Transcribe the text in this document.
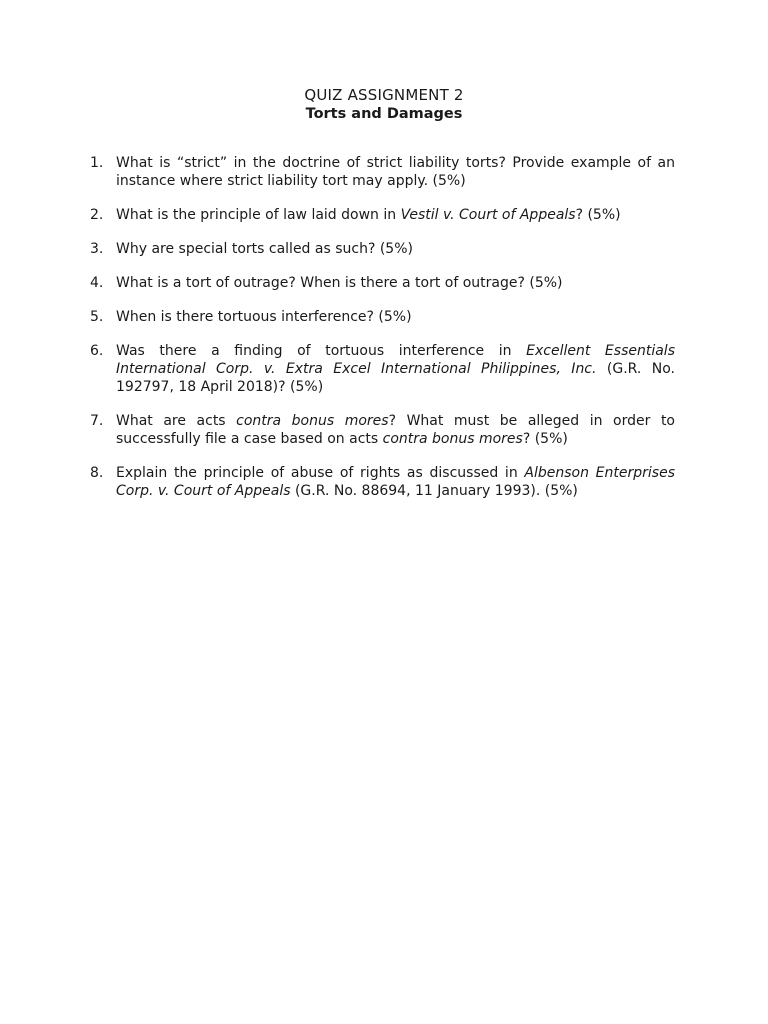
QUIZ ASSIGNMENT 2
Torts and Damages
1. What is “strict” in the doctrine of strict liability torts? Provide example of an instance where strict liability tort may apply. (5%)
2. What is the principle of law laid down in Vestil v. Court of Appeals? (5%)
3. Why are special torts called as such? (5%)
4. What is a tort of outrage? When is there a tort of outrage? (5%)
5. When is there tortuous interference? (5%)
6. Was there a finding of tortuous interference in Excellent Essentials International Corp. v. Extra Excel International Philippines, Inc. (G.R. No. 192797, 18 April 2018)? (5%)
7. What are acts contra bonus mores? What must be alleged in order to successfully file a case based on acts contra bonus mores? (5%)
8. Explain the principle of abuse of rights as discussed in Albenson Enterprises Corp. v. Court of Appeals (G.R. No. 88694, 11 January 1993). (5%)
